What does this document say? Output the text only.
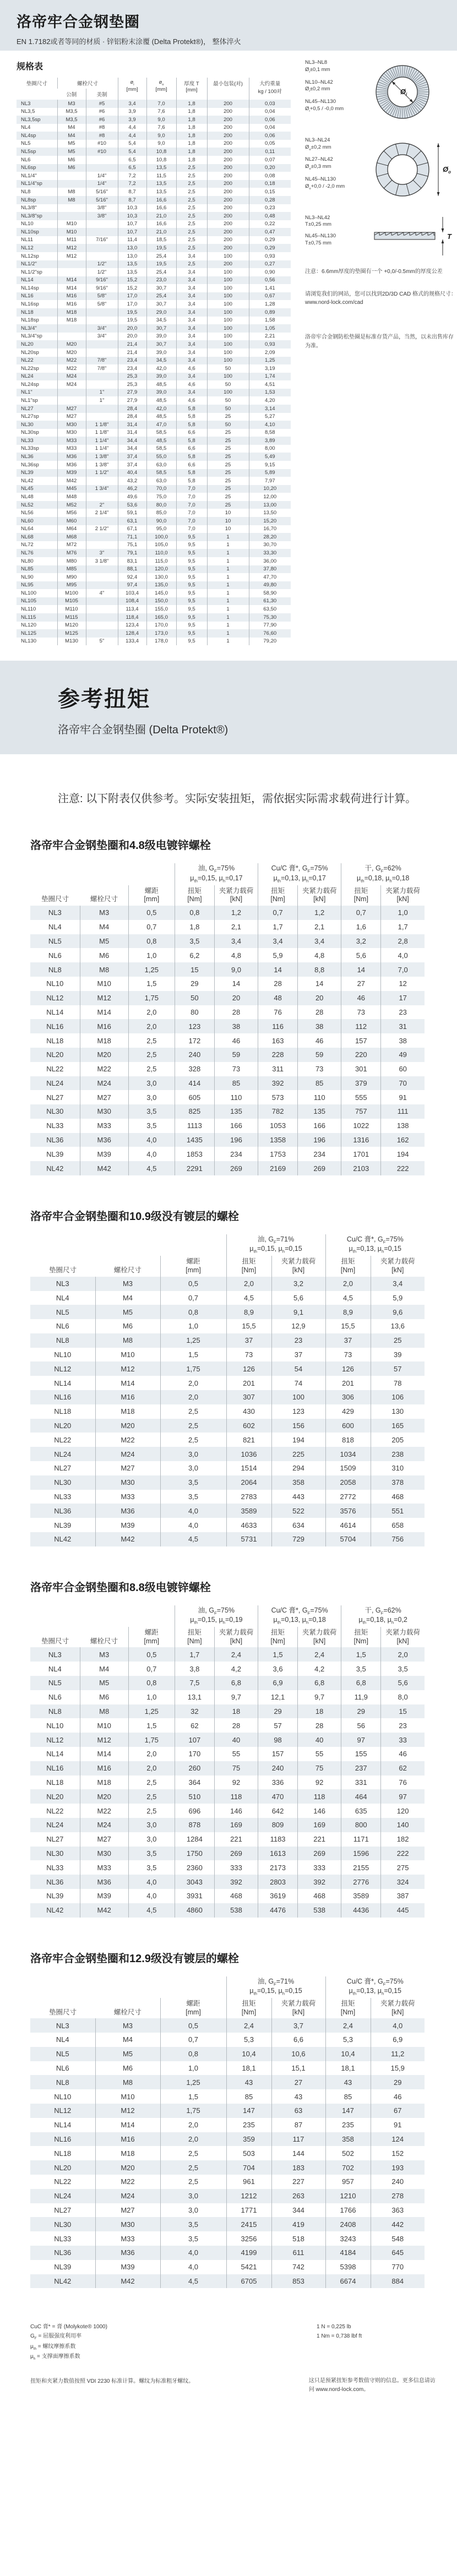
洛帝牢合金钢垫圈
EN 1.7182或者等同的材质 · 锌铝粉末涂覆 (Delta Protekt®)， 整体淬火
规格表
垫圈尺寸	螺栓尺寸		$ø_i$
[mm]	$ø_o$
[mm]	厚度 T
[mm]	最小包装(对)	大约重量
kg / 100对
	公制	美制					
NL3	M3	#5	3,4	7,0	1,8	200	0,03
NL3,5	M3,5	#6	3,9	7,6	1,8	200	0,04
NL3,5sp	M3,5	#6	3,9	9,0	1,8	200	0,06
NL4	M4	#8	4,4	7,6	1,8	200	0,04
NL4sp	M4	#8	4,4	9,0	1,8	200	0,06
NL5	M5	#10	5,4	9,0	1,8	200	0,05
NL5sp	M5	#10	5,4	10,8	1,8	200	0,11
NL6	M6		6,5	10,8	1,8	200	0,07
NL6sp	M6		6,5	13,5	2,5	200	0,20
NL1/4"		1/4"	7,2	11,5	2,5	200	0,08
NL1/4"sp		1/4"	7,2	13,5	2,5	200	0,18
NL8	M8	5/16"	8,7	13,5	2,5	200	0,15
NL8sp	M8	5/16"	8,7	16,6	2,5	200	0,28
NL3/8"		3/8"	10,3	16,6	2,5	200	0,23
NL3/8"sp		3/8"	10,3	21,0	2,5	200	0,48
NL10	M10		10,7	16,6	2,5	200	0,22
NL10sp	M10		10,7	21,0	2,5	200	0,47
NL11	M11	7/16"	11,4	18,5	2,5	200	0,29
NL12	M12		13,0	19,5	2,5	200	0,29
NL12sp	M12		13,0	25,4	3,4	100	0,93
NL1/2"		1/2"	13,5	19,5	2,5	200	0,27
NL1/2"sp		1/2"	13,5	25,4	3,4	100	0,90
NL14	M14	9/16"	15,2	23,0	3,4	100	0,56
NL14sp	M14	9/16"	15,2	30,7	3,4	100	1,41
NL16	M16	5/8"	17,0	25,4	3,4	100	0,67
NL16sp	M16	5/8"	17,0	30,7	3,4	100	1,28
NL18	M18		19,5	29,0	3,4	100	0,89
NL18sp	M18		19,5	34,5	3,4	100	1,58
NL3/4"		3/4"	20,0	30,7	3,4	100	1,05
NL3/4"sp		3/4"	20,0	39,0	3,4	100	2,21
NL20	M20		21,4	30,7	3,4	100	0,93
NL20sp	M20		21,4	39,0	3,4	100	2,09
NL22	M22	7/8"	23,4	34,5	3,4	100	1,25
NL22sp	M22	7/8"	23,4	42,0	4,6	50	3,19
NL24	M24		25,3	39,0	3,4	100	1,74
NL24sp	M24		25,3	48,5	4,6	50	4,51
NL1"		1"	27,9	39,0	3,4	100	1,53
NL1"sp		1"	27,9	48,5	4,6	50	4,20
NL27	M27		28,4	42,0	5,8	50	3,14
NL27sp	M27		28,4	48,5	5,8	25	5,27
NL30	M30	1 1/8"	31,4	47,0	5,8	50	4,10
NL30sp	M30	1 1/8"	31,4	58,5	6,6	25	8,58
NL33	M33	1 1/4"	34,4	48,5	5,8	25	3,89
NL33sp	M33	1 1/4"	34,4	58,5	6,6	25	8,00
NL36	M36	1 3/8"	37,4	55,0	5,8	25	5,49
NL36sp	M36	1 3/8"	37,4	63,0	6,6	25	9,15
NL39	M39	1 1/2"	40,4	58,5	5,8	25	5,89
NL42	M42		43,2	63,0	5,8	25	7,97
NL45	M45	1 3/4"	46,2	70,0	7,0	25	10,20
NL48	M48		49,6	75,0	7,0	25	12,00
NL52	M52	2"	53,6	80,0	7,0	25	13,00
NL56	M56	2 1/4"	59,1	85,0	7,0	10	13,50
NL60	M60		63,1	90,0	7,0	10	15,20
NL64	M64	2 1/2"	67,1	95,0	7,0	10	16,70
NL68	M68		71,1	100,0	9,5	1	28,20
NL72	M72		75,1	105,0	9,5	1	30,70
NL76	M76	3"	79,1	110,0	9,5	1	33,30
NL80	M80	3 1/8"	83,1	115,0	9,5	1	36,00
NL85	M85		88,1	120,0	9,5	1	37,80
NL90	M90		92,4	130,0	9,5	1	47,70
NL95	M95		97,4	135,0	9,5	1	49,80
NL100	M100	4"	103,4	145,0	9,5	1	58,90
NL105	M105		108,4	150,0	9,5	1	61,30
NL110	M110		113,4	155,0	9,5	1	63,50
NL115	M115		118,4	165,0	9,5	1	75,30
NL120	M120		123,4	170,0	9,5	1	77,90
NL125	M125		128,4	173,0	9,5	1	76,60
NL130	M130	5"	133,4	178,0	9,5	1	79,20
NL3–NL8
$Ø_i\pm 0,1$ mm
NL10–NL42
$Ø_i\pm 0,2$ mm
NL45–NL130
$Ø_i+0,5 / -0,0$ mm
$Ø_i$
NL3–NL24
$Ø_o\pm 0,2$ mm
NL27–NL42
$Ø_o\pm 0,3$ mm
NL45–NL130
$Ø_o+0,0 / -2,0$ mm
$Ø_o$
NL3–NL42
T±0,25 mm
NL45–NL130
T±0,75 mm
T
注意：6.6mm厚度的垫圈有一个 +0,0/-0.5mm的厚度公差
请浏览我们的网站，您可以找到2D/3D CAD 格式的规格尺寸： www.nord-lock.com/cad
洛帝牢合金钢防松垫圈是标准存货产品，当然，以未出售库存为准。
参考扭矩
洛帝牢合金钢垫圈 (Delta Protekt®)
注意: 以下附表仅供参考。实际安装扭矩，需依据实际需求载荷进行计算。
洛帝牢合金钢垫圈和4.8级电镀锌螺栓
			油, $G_F=75\%$
$\mu_{th}=0,15$, $\mu_h=0,17$		Cu/C 膏*, $G_F=75\%$
$\mu_{th}=0,13$, $\mu_h=0,17$		干, $G_F=62\%$
$\mu_{th}=0,18$, $\mu_h=0,18$	
垫圈尺寸	螺栓尺寸	螺距
[mm]	扭矩
[Nm]	夹紧力载荷
[kN]	扭矩
[Nm]	夹紧力载荷
[kN]	扭矩
[Nm]	夹紧力载荷
[kN]
NL3	M3	0,5	0,8	1,2	0,7	1,2	0,7	1,0
NL4	M4	0,7	1,8	2,1	1,7	2,1	1,6	1,7
NL5	M5	0,8	3,5	3,4	3,4	3,4	3,2	2,8
NL6	M6	1,0	6,2	4,8	5,9	4,8	5,6	4,0
NL8	M8	1,25	15	9,0	14	8,8	14	7,0
NL10	M10	1,5	29	14	28	14	27	12
NL12	M12	1,75	50	20	48	20	46	17
NL14	M14	2,0	80	28	76	28	73	23
NL16	M16	2,0	123	38	116	38	112	31
NL18	M18	2,5	172	46	163	46	157	38
NL20	M20	2,5	240	59	228	59	220	49
NL22	M22	2,5	328	73	311	73	301	60
NL24	M24	3,0	414	85	392	85	379	70
NL27	M27	3,0	605	110	573	110	555	91
NL30	M30	3,5	825	135	782	135	757	111
NL33	M33	3,5	1113	166	1053	166	1022	138
NL36	M36	4,0	1435	196	1358	196	1316	162
NL39	M39	4,0	1853	234	1753	234	1701	194
NL42	M42	4,5	2291	269	2169	269	2103	222
洛帝牢合金钢垫圈和10.9级没有镀层的螺栓
			油, $G_F=71\%$
$\mu_{th}=0,15$, $\mu_h=0,15$		Cu/C 膏*, $G_F=75\%$
$\mu_{th}=0,13$, $\mu_h=0,15$	
垫圈尺寸	螺栓尺寸	螺距
[mm]	扭矩
[Nm]	夹紧力载荷
[kN]	扭矩
[Nm]	夹紧力载荷
[kN]
NL3	M3	0,5	2,0	3,2	2,0	3,4
NL4	M4	0,7	4,5	5,6	4,5	5,9
NL5	M5	0,8	8,9	9,1	8,9	9,6
NL6	M6	1,0	15,5	12,9	15,5	13,6
NL8	M8	1,25	37	23	37	25
NL10	M10	1,5	73	37	73	39
NL12	M12	1,75	126	54	126	57
NL14	M14	2,0	201	74	201	78
NL16	M16	2,0	307	100	306	106
NL18	M18	2,5	430	123	429	130
NL20	M20	2,5	602	156	600	165
NL22	M22	2,5	821	194	818	205
NL24	M24	3,0	1036	225	1034	238
NL27	M27	3,0	1514	294	1509	310
NL30	M30	3,5	2064	358	2058	378
NL33	M33	3,5	2783	443	2772	468
NL36	M36	4,0	3589	522	3576	551
NL39	M39	4,0	4633	634	4614	658
NL42	M42	4,5	5731	729	5704	756
洛帝牢合金钢垫圈和8.8级电镀锌螺栓
			油, $G_F=75\%$
$\mu_{th}=0,15$, $\mu_h=0,19$		Cu/C 膏*, $G_F=75\%$
$\mu_{th}=0,13$, $\mu_h=0,18$		干, $G_F=62\%$
$\mu_{th}=0,18$, $\mu_h=0,2$	
垫圈尺寸	螺栓尺寸	螺距
[mm]	扭矩
[Nm]	夹紧力载荷
[kN]	扭矩
[Nm]	夹紧力载荷
[kN]	扭矩
[Nm]	夹紧力载荷
[kN]
NL3	M3	0,5	1,7	2,4	1,5	2,4	1,5	2,0
NL4	M4	0,7	3,8	4,2	3,6	4,2	3,5	3,5
NL5	M5	0,8	7,5	6,8	6,9	6,8	6,8	5,6
NL6	M6	1,0	13,1	9,7	12,1	9,7	11,9	8,0
NL8	M8	1,25	32	18	29	18	29	15
NL10	M10	1,5	62	28	57	28	56	23
NL12	M12	1,75	107	40	98	40	97	33
NL14	M14	2,0	170	55	157	55	155	46
NL16	M16	2,0	260	75	240	75	237	62
NL18	M18	2,5	364	92	336	92	331	76
NL20	M20	2,5	510	118	470	118	464	97
NL22	M22	2,5	696	146	642	146	635	120
NL24	M24	3,0	878	169	809	169	800	140
NL27	M27	3,0	1284	221	1183	221	1171	182
NL30	M30	3,5	1750	269	1613	269	1596	222
NL33	M33	3,5	2360	333	2173	333	2155	275
NL36	M36	4,0	3043	392	2803	392	2776	324
NL39	M39	4,0	3931	468	3619	468	3589	387
NL42	M42	4,5	4860	538	4476	538	4436	445
洛帝牢合金钢垫圈和12.9级没有镀层的螺栓
			油, $G_F=71\%$
$\mu_{th}=0,15$, $\mu_h=0,15$		Cu/C 膏*, $G_F=75\%$
$\mu_{th}=0,13$, $\mu_h=0,15$	
垫圈尺寸	螺栓尺寸	螺距
[mm]	扭矩
[Nm]	夹紧力载荷
[kN]	扭矩
[Nm]	夹紧力载荷
[kN]
NL3	M3	0,5	2,4	3,7	2,4	4,0
NL4	M4	0,7	5,3	6,6	5,3	6,9
NL5	M5	0,8	10,4	10,6	10,4	11,2
NL6	M6	1,0	18,1	15,1	18,1	15,9
NL8	M8	1,25	43	27	43	29
NL10	M10	1,5	85	43	85	46
NL12	M12	1,75	147	63	147	67
NL14	M14	2,0	235	87	235	91
NL16	M16	2,0	359	117	358	124
NL18	M18	2,5	503	144	502	152
NL20	M20	2,5	704	183	702	193
NL22	M22	2,5	961	227	957	240
NL24	M24	3,0	1212	263	1210	278
NL27	M27	3,0	1771	344	1766	363
NL30	M30	3,5	2415	419	2408	442
NL33	M33	3,5	3256	518	3243	548
NL36	M36	4,0	4199	611	4184	645
NL39	M39	4,0	5421	742	5398	770
NL42	M42	4,5	6705	853	6674	884
CuC 膏* = 膏 (Molykote® 1000)
$G_F$ = 屈服强度利用率
$\mu_{th}$ = 螺纹摩擦系数
$\mu_h$ = 支撑面摩擦系数
1 N = 0,225 lb
1 Nm = 0,738 lbf ft
扭矩和夹紧力数值按照 VDI 2230 标准计算。螺纹为标准粗牙螺纹。	这只是预紧扭矩参考数值守则的信息。更多信息请访问 www.nord-lock.com。
